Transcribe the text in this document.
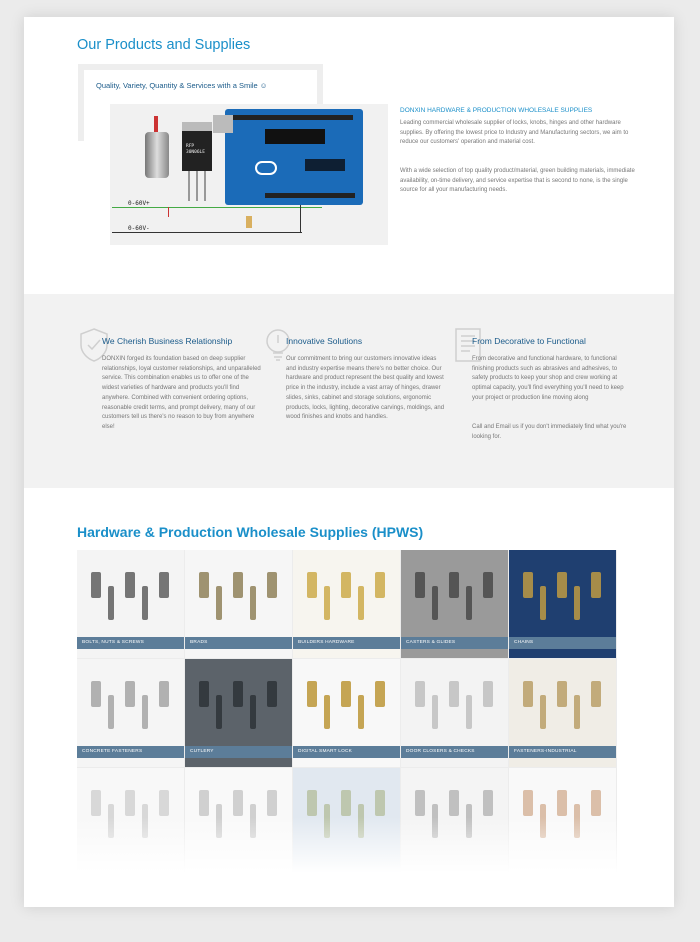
Our Products and Supplies
Quality, Variety, Quantity & Services with a Smile ☺
RFP
30N06LE
0-60V+
0-60V-
DONXIN HARDWARE & PRODUCTION WHOLESALE SUPPLIES

Leading commercial wholesale supplier of locks, knobs, hinges and other hardware supplies. By offering the lowest price to Industry and Manufacturing sectors, we aim to reduce our customers' operation and material cost.

With a wide selection of top quality product/material, green building materials, immediate availability, on-time delivery, and service expertise that is second to none, is the single source for all your manufacturing needs.

We Cherish Business Relationship

DONXIN forged its foundation based on deep supplier relationships, loyal customer relationships, and unparalleled service. This combination enables us to offer one of the widest varieties of hardware and products you'll find anywhere. Combined with convenient ordering options, reasonable credit terms, and prompt delivery, many of our customers tell us there's no reason to buy from anywhere else!

Innovative Solutions

Our commitment to bring our customers innovative ideas and industry expertise means there's no better choice. Our hardware and product represent the best quality and lowest price in the industry, include a vast array of hinges, drawer slides, sinks, cabinet and storage solutions, ergonomic products, locks, lighting, decorative carvings, moldings, and wood finishes and knobs and handles.

From Decorative to Functional

From decorative and functional hardware, to functional finishing products such as abrasives and adhesives, to safety products to keep your shop and crew working at optimal capacity, you'll find everything you'll need to keep your project or production line moving along

Call and Email us if you don't immediately find what you're looking for.

Hardware & Production Wholesale Supplies (HPWS)
BOLTS, NUTS & SCREWS	BRADS	BUILDERS HARDWARE	CASTERS & GLIDES	CHAINS
CONCRETE FASTENERS	CUTLERY	DIGITAL SMART LOCK	DOOR CLOSERS & CHECKS	FASTENERS-INDUSTRIAL
